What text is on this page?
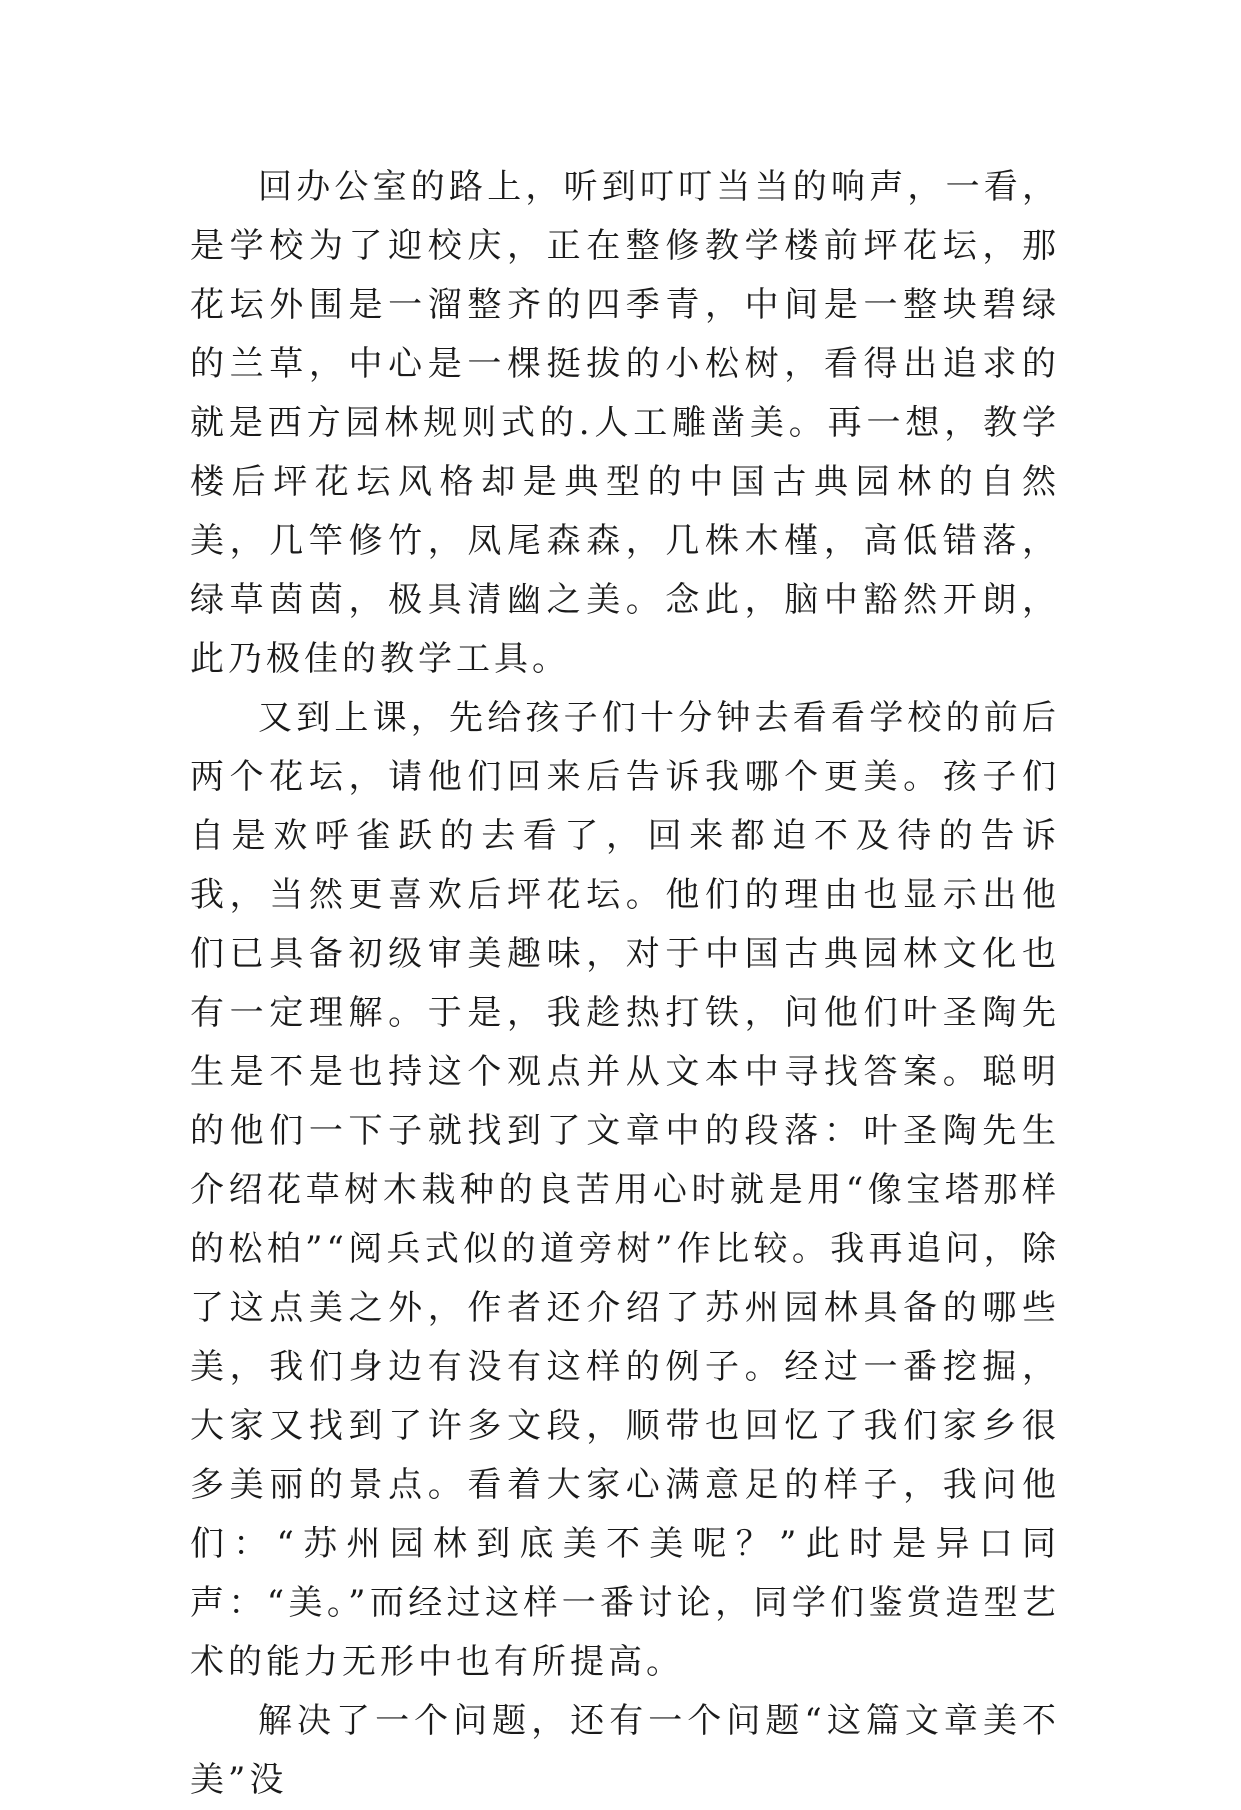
回办公室的路上，听到叮叮当当的响声，一看，是学校为了迎校庆，正在整修教学楼前坪花坛，那花坛外围是一溜整齐的四季青，中间是一整块碧绿的兰草，中心是一棵挺拔的小松树，看得出追求的就是西方园林规则式的.人工雕凿美。再一想，教学楼后坪花坛风格却是典型的中国古典园林的自然美，几竿修竹，凤尾森森，几株木槿，高低错落，绿草茵茵，极具清幽之美。念此，脑中豁然开朗，此乃极佳的教学工具。

又到上课，先给孩子们十分钟去看看学校的前后两个花坛，请他们回来后告诉我哪个更美。孩子们自是欢呼雀跃的去看了，回来都迫不及待的告诉我，当然更喜欢后坪花坛。他们的理由也显示出他们已具备初级审美趣味，对于中国古典园林文化也有一定理解。于是，我趁热打铁，问他们叶圣陶先生是不是也持这个观点并从文本中寻找答案。聪明的他们一下子就找到了文章中的段落：叶圣陶先生介绍花草树木栽种的良苦用心时就是用“像宝塔那样的松柏”“阅兵式似的道旁树”作比较。我再追问，除了这点美之外，作者还介绍了苏州园林具备的哪些美，我们身边有没有这样的例子。经过一番挖掘，大家又找到了许多文段，顺带也回忆了我们家乡很多美丽的景点。看着大家心满意足的样子，我问他们：“苏州园林到底美不美呢？”此时是异口同声：“美。”而经过这样一番讨论，同学们鉴赏造型艺术的能力无形中也有所提高。

解决了一个问题，还有一个问题“这篇文章美不美”没
